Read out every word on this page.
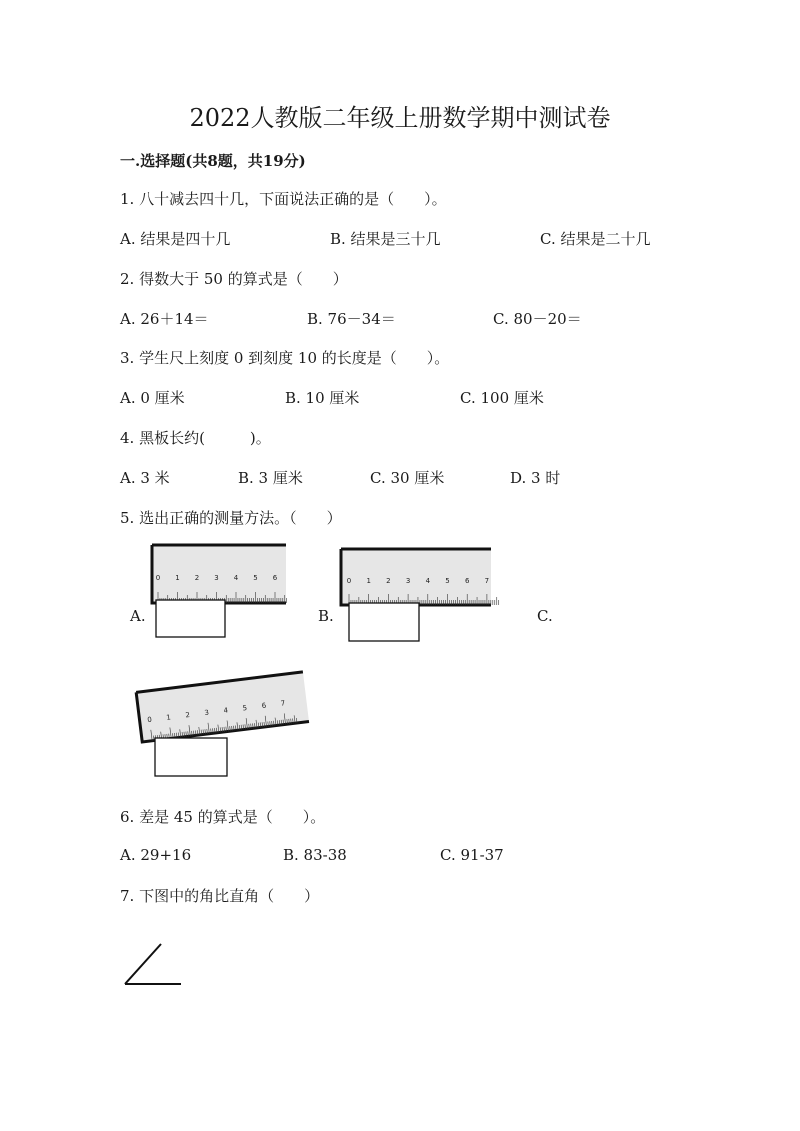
2022人教版二年级上册数学期中测试卷
一.选择题(共8题，共19分)
1. 八十减去四十几，下面说法正确的是（　　）。
A. 结果是四十几	B. 结果是三十几	C. 结果是二十几
2. 得数大于 50 的算式是（　　）
A. 26＋14＝	B. 76－34＝	C. 80－20＝
3. 学生尺上刻度 0 到刻度 10 的长度是（　　）。
A. 0 厘米	B. 10 厘米	C. 100 厘米
4. 黑板长约(　　　)。
A. 3 米	B. 3 厘米	C. 30 厘米	D. 3 时
5. 选出正确的测量方法。（　　）
A.	B.	C.
0 1 2 3 4 5 6	0 1 2 3 4 5 6 7
0 1 2 3 4 5 6 7
6. 差是 45 的算式是（　　）。
A. 29+16	B. 83-38	C. 91-37
7. 下图中的角比直角（　　）
